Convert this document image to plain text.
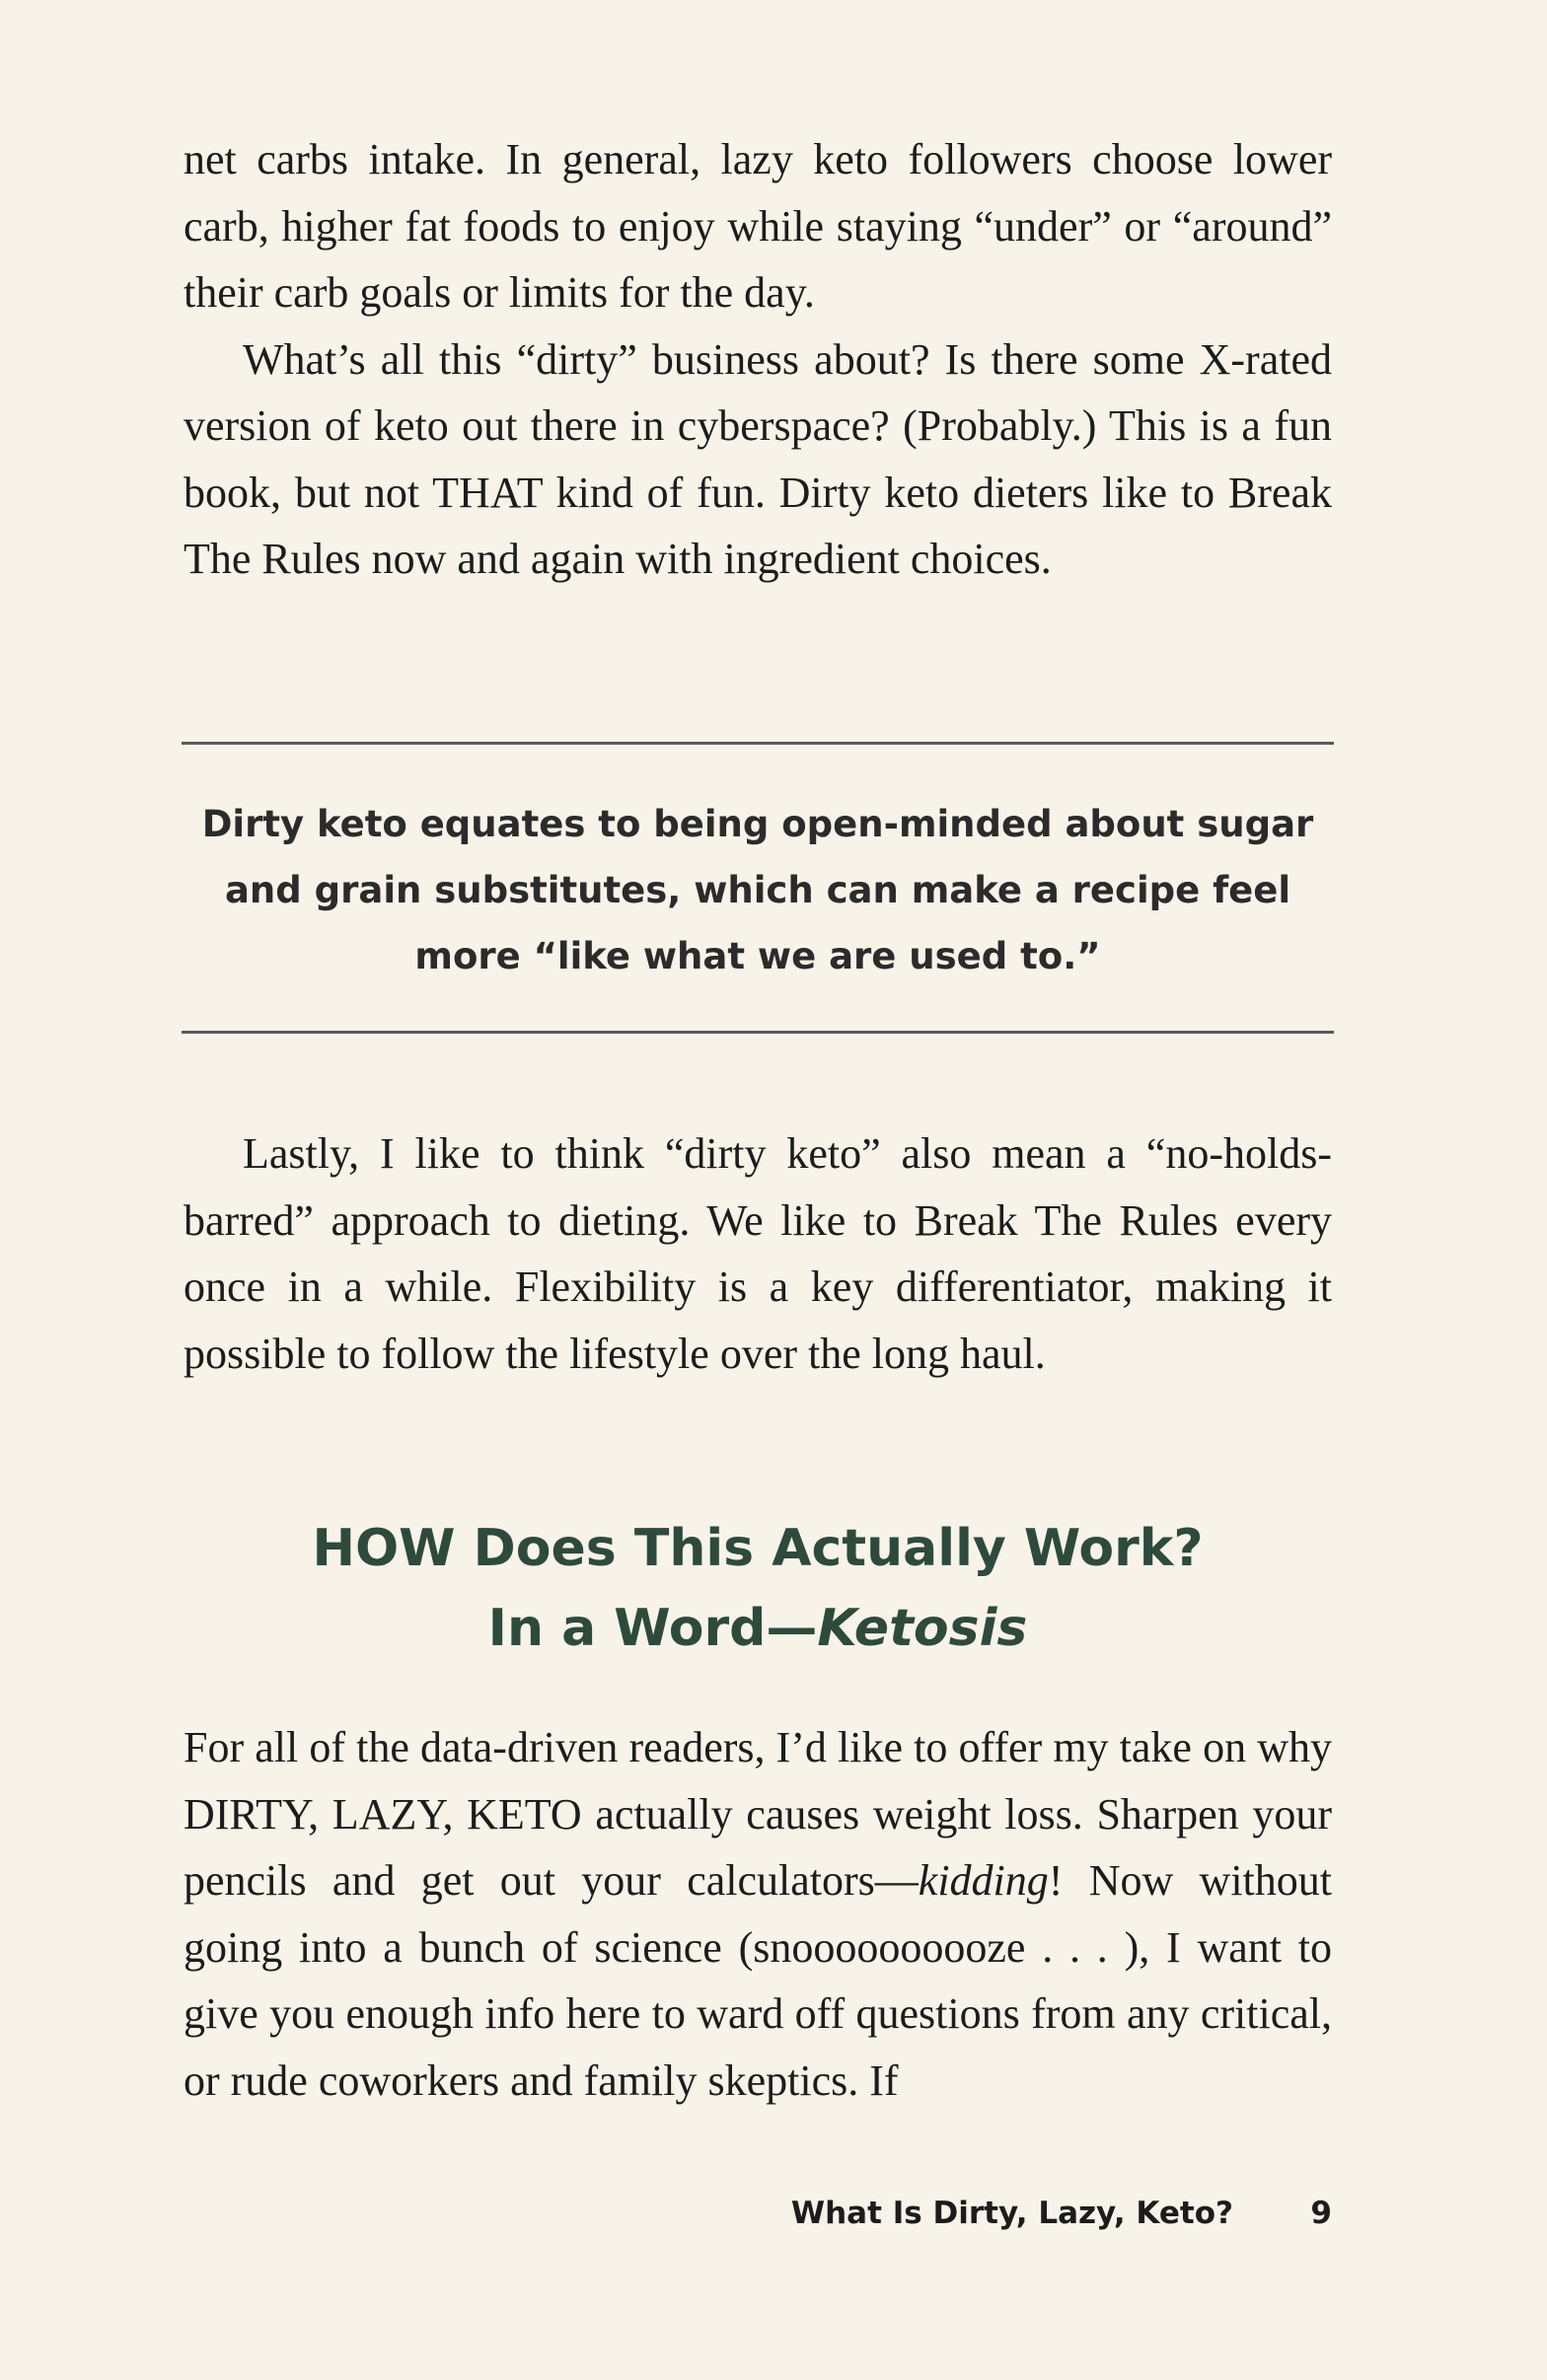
net carbs intake. In general, lazy keto followers choose lower carb, higher fat foods to enjoy while staying “under” or “around” their carb goals or limits for the day.

What’s all this “dirty” business about? Is there some X-rated version of keto out there in cyberspace? (Probably.) This is a fun book, but not THAT kind of fun. Dirty keto dieters like to Break The Rules now and again with ingredient choices.

Dirty keto equates to being open-minded about sugar
and grain substitutes, which can make a recipe feel
more “like what we are used to.”

Lastly, I like to think “dirty keto” also mean a “no-holds-barred” approach to dieting. We like to Break The Rules every once in a while. Flexibility is a key differentiator, making it possible to follow the lifestyle over the long haul.

HOW Does This Actually Work?
In a Word—Ketosis

For all of the data-driven readers, I’d like to offer my take on why DIRTY, LAZY, KETO actually causes weight loss. Sharpen your pencils and get out your calculators—kidding! Now without going into a bunch of science (snoooooooooze . . . ), I want to give you enough info here to ward off questions from any critical, or rude coworkers and family skeptics. If

What Is Dirty, Lazy, Keto?	9
